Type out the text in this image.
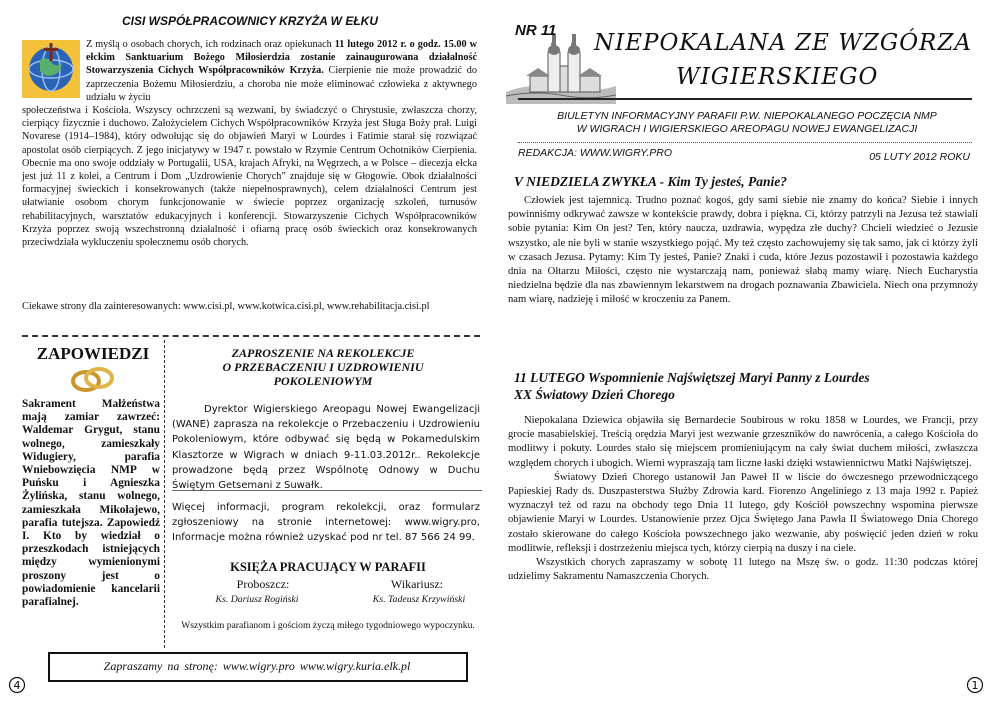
CISI WSPÓŁPRACOWNICY KRZYŻA W EŁKU

Z myślą o osobach chorych, ich rodzinach oraz opiekunach 11 lutego 2012 r. o godz. 15.00 w ełckim Sanktuarium Bożego Miłosierdzia zostanie zainaugurowana działalność Stowarzyszenia Cichych Współpracowników Krzyża. Cierpienie nie może prowadzić do zaprzeczenia Bożemu Miłosierdziu, a choroba nie może eliminować człowieka z aktywnego udziału w życiu

społeczeństwa i Kościoła. Wszyscy ochrzczeni są wezwani, by świadczyć o Chrystusie, zwłaszcza chorzy, cierpiący fizycznie i duchowo. Założycielem Cichych Współpracowników Krzyża jest Sługa Boży prał. Luigi Novarese (1914–1984), który odwołując się do objawień Maryi w Lourdes i Fatimie starał się rozwiązać apostolat osób cierpiących. Z jego inicjatywy w 1947 r. powstało w Rzymie Centrum Ochotników Cierpienia. Obecnie ma ono swoje oddziały w Portugalii, USA, krajach Afryki, na Węgrzech, a w Polsce – diecezja ełcka jest już 11 z kolei, a Centrum i Dom „Uzdrowienie Chorych” znajduje się w Głogowie. Obok działalności formacyjnej świeckich i konsekrowanych (także niepełnosprawnych), celem działalności Centrum jest ułatwianie osobom chorym funkcjonowanie w świecie poprzez organizację szkoleń, turnusów rehabilitacyjnych, warsztatów edukacyjnych i konferencji. Stowarzyszenie Cichych Współpracowników Krzyża poprzez swoją wszechstronną działalność i ofiarną pracę osób świeckich oraz konsekrowanych przeciwdziała wykluczeniu społecznemu osób chorych.

Ciekawe strony dla zainteresowanych: www.cisi.pl, www.kotwica.cisi.pl, www.rehabilitacja.cisi.pl
ZAPOWIEDZI
Sakrament Małżeństwa mają zamiar zawrzeć: Waldemar Grygut, stanu wolnego, zamieszkały Widugiery, parafia Wniebowzięcia NMP w Puńsku i Agnieszka Żylińska, stanu wolnego, zamieszkała Mikołajewo, parafia tutejsza. Zapowiedź I. Kto by wiedział o przeszkodach istniejących między wymienionymi proszony jest o powiadomienie kancelarii parafialnej.
ZAPROSZENIE NA REKOLEKCJE
O PRZEBACZENIU I UZDROWIENIU
POKOLENIOWYM

Dyrektor Wigierskiego Areopagu Nowej Ewangelizacji (WANE) zaprasza na rekolekcje o Przebaczeniu i Uzdrowieniu Pokoleniowym, które odbywać się będą w Pokamedulskim Klasztorze w Wigrach w dniach 9-11.03.2012r.. Rekolekcje prowadzone będą przez Wspólnotę Odnowy w Duchu Świętym Getsemani z Suwałk.

Więcej informacji, program rekolekcji, oraz formularz zgłoszeniowy na stronie internetowej: www.wigry.pro, Informacje można również uzyskać pod nr tel. 87 566 24 99.
KSIĘŻA PRACUJĄCY W PARAFII
Proboszcz:	Wikariusz:
Ks. Dariusz Rogiński	Ks. Tadeusz Krzywiński
Wszystkim parafianom i gościom życzą miłego tygodniowego wypoczynku.
Zapraszamy na stronę: www.wigry.pro www.wigry.kuria.elk.pl
4	1
NR 11 NIEPOKALANA ZE WZGÓRZA
WIGIERSKIEGO
BIULETYN INFORMACYJNY PARAFII P.W. NIEPOKALANEGO POCZĘCIA NMP
W WIGRACH I WIGIERSKIEGO AREOPAGU NOWEJ EWANGELIZACJI
REDAKCJA: WWW.WIGRY.PRO	05 LUTY 2012 ROKU
V NIEDZIELA ZWYKŁA - Kim Ty jesteś, Panie?

Człowiek jest tajemnicą. Trudno poznać kogoś, gdy sami siebie nie znamy do końca? Siebie i innych powinniśmy odkrywać zawsze w kontekście prawdy, dobra i piękna. Ci, którzy patrzyli na Jezusa też stawiali sobie pytania: Kim On jest? Ten, który naucza, uzdrawia, wypędza złe duchy? Chcieli wiedzieć o Jezusie wszystko, ale nie byli w stanie wszystkiego pojąć. My też często zachowujemy się tak samo, jak ci którzy żyli w czasach Jezusa. Pytamy: Kim Ty jesteś, Panie? Znaki i cuda, które Jezus pozostawił i pozostawia każdego dnia na Ołtarzu Miłości, często nie wystarczają nam, ponieważ słabą mamy wiarę. Niech Eucharystia niedzielna będzie dla nas zbawiennym lekarstwem na drogach poznawania Zbawiciela. Niech ona przymnoży nam wiarę, nadzieję i miłość w kroczeniu za Panem.

11 LUTEGO Wspomnienie Najświętszej Maryi Panny z Lourdes
XX Światowy Dzień Chorego

Niepokalana Dziewica objawiła się Bernardecie Soubirous w roku 1858 w Lourdes, we Francji, przy grocie masabielskiej. Treścią orędzia Maryi jest wezwanie grzeszników do nawrócenia, a całego Kościoła do modlitwy i pokuty. Lourdes stało się miejscem promieniującym na cały świat duchem miłości, zwłaszcza względem chorych i ubogich. Wierni wypraszają tam liczne łaski dzięki wstawiennictwu Matki Najświętszej.

Światowy Dzień Chorego ustanowił Jan Paweł II w liście do ówczesnego przewodniczącego Papieskiej Rady ds. Duszpasterstwa Służby Zdrowia kard. Fiorenzo Angeliniego z 13 maja 1992 r. Papież wyznaczył też od razu na obchody tego Dnia 11 lutego, gdy Kościół powszechny wspomina pierwsze objawienie Maryi w Lourdes. Ustanowienie przez Ojca Świętego Jana Pawła II Światowego Dnia Chorego zostało skierowane do całego Kościoła powszechnego jako wezwanie, aby poświęcić jeden dzień w roku modlitwie, refleksji i dostrzeżeniu miejsca tych, którzy cierpią na duszy i na ciele.

Wszystkich chorych zapraszamy w sobotę 11 lutego na Mszę św. o godz. 11:30 podczas której udzielimy Sakramentu Namaszczenia Chorych.
